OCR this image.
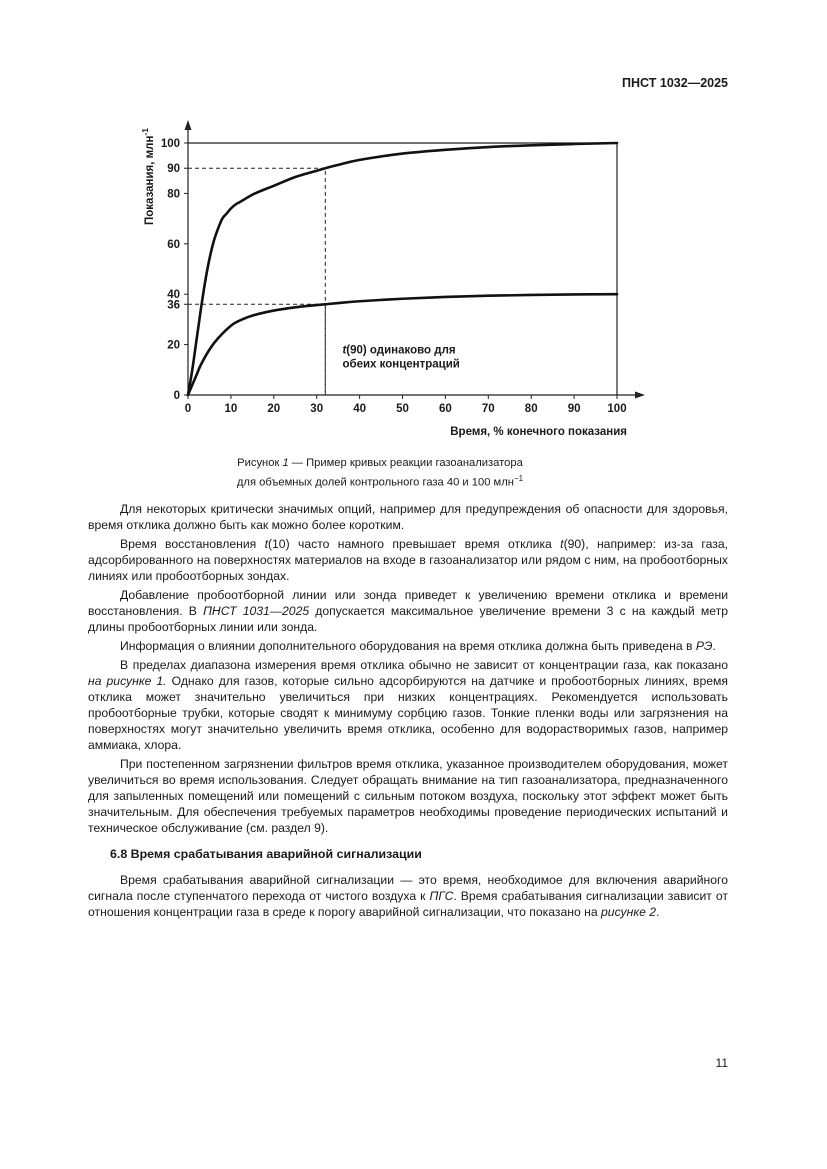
ПНСТ 1032—2025
0	10	20	30	40	50	60	70	80	90 100
0
20
36
40
60
80
90
100
Время, % конечного показания
Показания, млн$^{-1}$
t(90) одинаково для
обеих концентраций
Рисунок 1 — Пример кривых реакции газоанализатора
для объемных долей контрольного газа 40 и 100 млн$^{-1}$

Для некоторых критически значимых опций, например для предупреждения об опасности для здоровья, время отклика должно быть как можно более коротким.

Время восстановления t(10) часто намного превышает время отклика t(90), например: из-за газа, адсорбированного на поверхностях материалов на входе в газоанализатор или рядом с ним, на пробоотборных линиях или пробоотборных зондах.

Добавление пробоотборной линии или зонда приведет к увеличению времени отклика и времени восстановления. В ПНСТ 1031—2025 допускается максимальное увеличение времени 3 с на каждый метр длины пробоотборных линии или зонда.

Информация о влиянии дополнительного оборудования на время отклика должна быть приведена в РЭ.

В пределах диапазона измерения время отклика обычно не зависит от концентрации газа, как показано на рисунке 1. Однако для газов, которые сильно адсорбируются на датчике и пробоотборных линиях, время отклика может значительно увеличиться при низких концентрациях. Рекомендуется использовать пробоотборные трубки, которые сводят к минимуму сорбцию газов. Тонкие пленки воды или загрязнения на поверхностях могут значительно увеличить время отклика, особенно для водорастворимых газов, например аммиака, хлора.

При постепенном загрязнении фильтров время отклика, указанное производителем оборудования, может увеличиться во время использования. Следует обращать внимание на тип газоанализатора, предназначенного для запыленных помещений или помещений с сильным потоком воздуха, поскольку этот эффект может быть значительным. Для обеспечения требуемых параметров необходимы проведение периодических испытаний и техническое обслуживание (см. раздел 9).

6.8 Время срабатывания аварийной сигнализации

Время срабатывания аварийной сигнализации — это время, необходимое для включения аварийного сигнала после ступенчатого перехода от чистого воздуха к ПГС. Время срабатывания сигнализации зависит от отношения концентрации газа в среде к порогу аварийной сигнализации, что показано на рисунке 2.

11
